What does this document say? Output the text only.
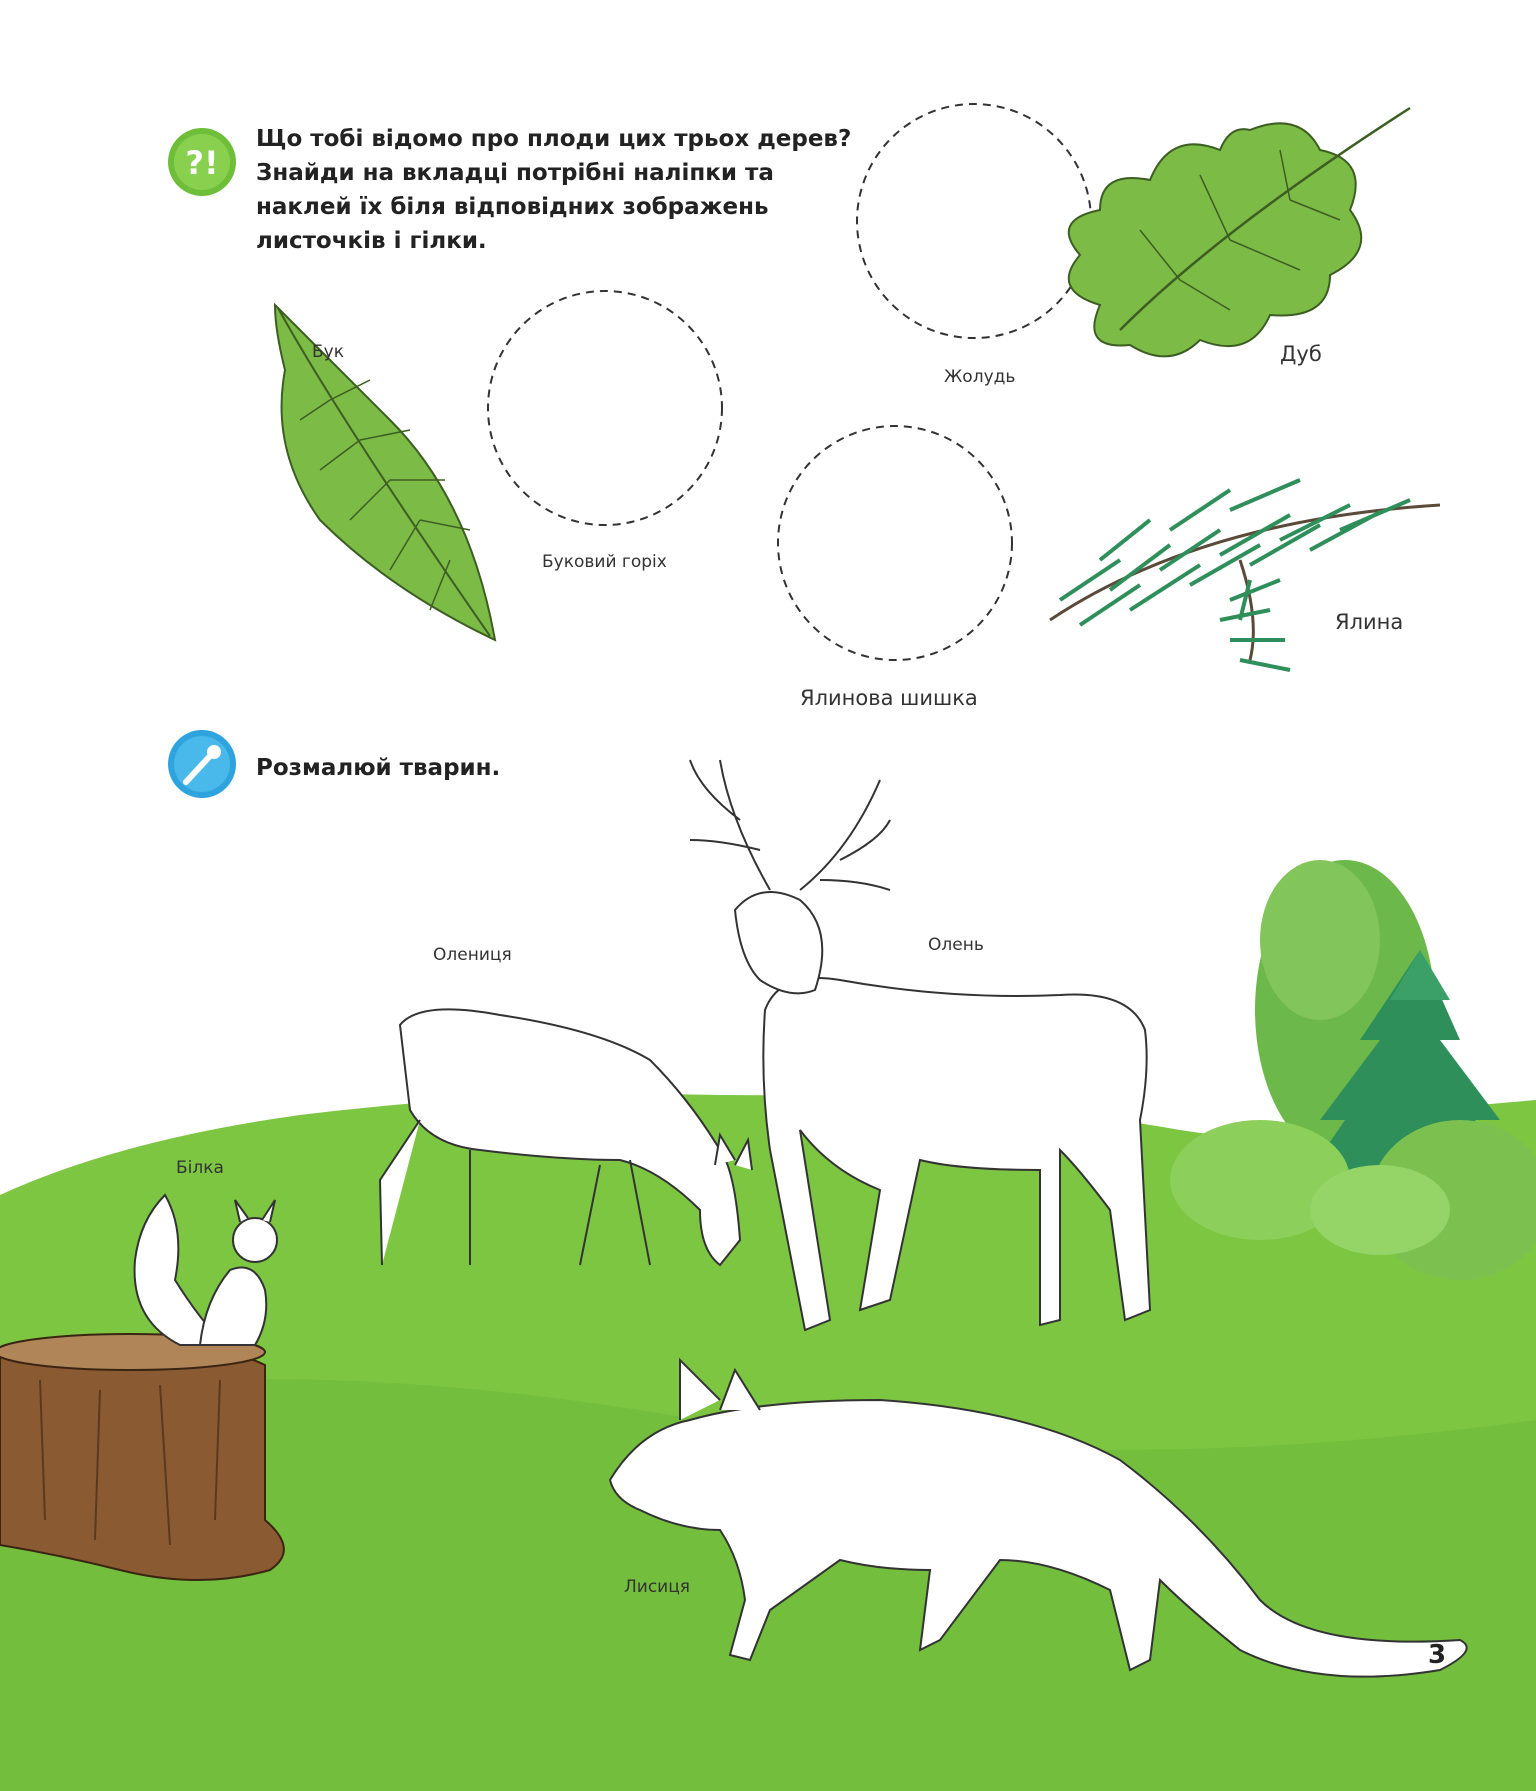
?!
Що тобі відомо про плоди цих трьох дерев? Знайди на вкладці потрібні наліпки та наклей їх біля відповідних зображень листочків і гілки.
Бук
Буковий горіх
Жолудь
Дуб
Ялинова шишка
Ялина
Розмалюй тварин.
Олениця	Олень
Білка
Лисиця
3
